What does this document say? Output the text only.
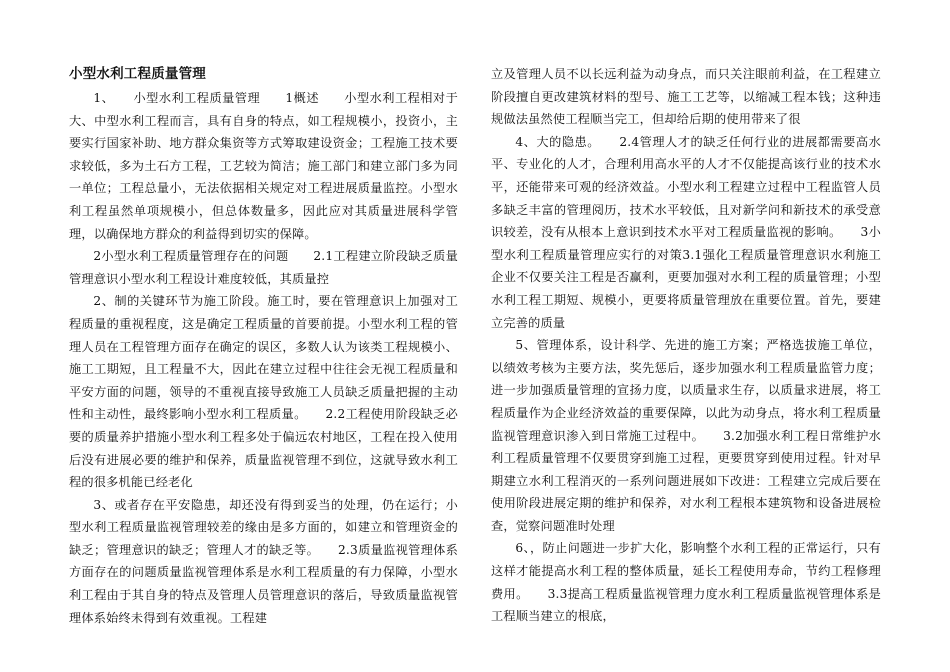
小型水利工程质量管理

1、　　小型水利工程质量管理　　1概述　　小型水利工程相对于大、中型水利工程而言，具有自身的特点，如工程规模小，投资小，主要实行国家补助、地方群众集资等方式筹取建设资金；工程施工技术要求较低，多为土石方工程，工艺较为简洁；施工部门和建立部门多为同一单位；工程总量小，无法依据相关规定对工程进展质量监控。小型水利工程虽然单项规模小，但总体数量多，因此应对其质量进展科学管理，以确保地方群众的利益得到切实的保障。

2小型水利工程质量管理存在的问题　　2.1工程建立阶段缺乏质量管理意识小型水利工程设计难度较低，其质量控

2、制的关键环节为施工阶段。施工时，要在管理意识上加强对工程质量的重视程度，这是确定工程质量的首要前提。小型水利工程的管理人员在工程管理方面存在确定的误区，多数人认为该类工程规模小、施工工期短，且工程量不大，因此在建立过程中往往会无视工程质量和平安方面的问题，领导的不重视直接导致施工人员缺乏质量把握的主动性和主动性，最终影响小型水利工程质量。　　2.2工程使用阶段缺乏必要的质量养护措施小型水利工程多处于偏远农村地区，工程在投入使用后没有进展必要的维护和保养，质量监视管理不到位，这就导致水利工程的很多机能已经老化

3、或者存在平安隐患，却还没有得到妥当的处理，仍在运行；小型水利工程质量监视管理较差的缘由是多方面的，如建立和管理资金的缺乏；管理意识的缺乏；管理人才的缺乏等。　　2.3质量监视管理体系方面存在的问题质量监视管理体系是水利工程质量的有力保障，小型水利工程由于其自身的特点及管理人员管理意识的落后，导致质量监视管理体系始终未得到有效重视。工程建

立及管理人员不以长远利益为动身点，而只关注眼前利益，在工程建立阶段擅自更改建筑材料的型号、施工工艺等，以缩减工程本钱；这种违规做法虽然使工程顺当完工，但却给后期的使用带来了很

4、大的隐患。　　2.4管理人才的缺乏任何行业的进展都需要高水平、专业化的人才，合理利用高水平的人才不仅能提高该行业的技术水平，还能带来可观的经济效益。小型水利工程建立过程中工程监管人员多缺乏丰富的管理阅历，技术水平较低，且对新学问和新技术的承受意识较差，没有从根本上意识到技术水平对工程质量监视的影响。　　3小型水利工程质量管理应实行的对策3.1强化工程质量管理意识水利施工企业不仅要关注工程是否赢利，更要加强对水利工程的质量管理；小型水利工程工期短、规模小，更要将质量管理放在重要位置。首先，要建立完善的质量

5、管理体系，设计科学、先进的施工方案；严格选拔施工单位，以绩效考核为主要方法，奖先惩后，逐步加强水利工程质量监管力度；进一步加强质量管理的宣扬力度，以质量求生存，以质量求进展，将工程质量作为企业经济效益的重要保障，以此为动身点，将水利工程质量监视管理意识渗入到日常施工过程中。　　3.2加强水利工程日常维护水利工程质量管理不仅要贯穿到施工过程，更要贯穿到使用过程。针对早期建立水利工程消灭的一系列问题进展如下改进：工程建立完成后要在使用阶段进展定期的维护和保养，对水利工程根本建筑物和设备进展检查，觉察问题准时处理

6、，防止问题进一步扩大化，影响整个水利工程的正常运行，只有这样才能提高水利工程的整体质量，延长工程使用寿命，节约工程修理费用。　　3.3提高工程质量监视管理力度水利工程质量监视管理体系是工程顺当建立的根底，
